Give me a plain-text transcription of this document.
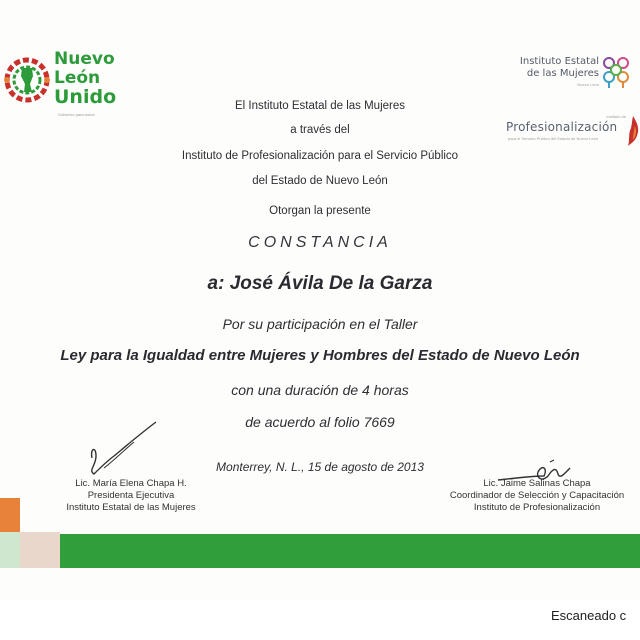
Nuevo
León
Unido
Gobierno para todos
Instituto Estatal
de las Mujeres
Nuevo León
Instituto de
Profesionalización
para el Servicio Público del Estado de Nuevo León
El Instituto Estatal de las Mujeres
a través del
Instituto de Profesionalización para el Servicio Público
del Estado de Nuevo León
Otorgan la presente
CONSTANCIA
a: José Ávila De la Garza
Por su participación en el Taller
Ley para la Igualdad entre Mujeres y Hombres del Estado de Nuevo León
con una duración de 4 horas
de acuerdo al folio 7669
Monterrey, N. L., 15 de agosto de 2013
Lic. María Elena Chapa H.
Presidenta Ejecutiva
Instituto Estatal de las Mujeres
Lic. Jaime Salinas Chapa
Coordinador de Selección y Capacitación
Instituto de Profesionalización
Escaneado c
